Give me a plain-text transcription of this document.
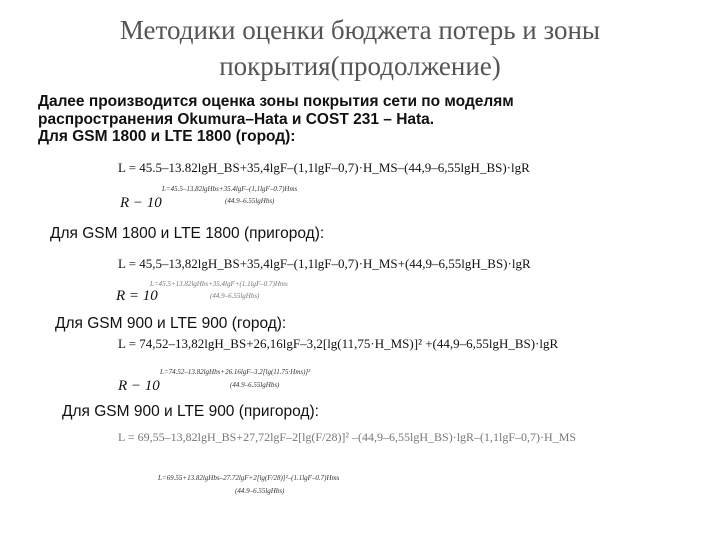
Методики оценки бюджета потерь и зоны
покрытия(продолжение)
Далее производится оценка зоны покрытия сети по моделям
распространения Okumura–Hata и COST 231 – Hata.
Для GSM 1800 и LTE 1800 (город):
L = 45.5–13.82lgH_BS+35,4lgF–(1,1lgF–0,7)·H_MS–(44,9–6,55lgH_BS)·lgR
L=45.5–13.82lgHbs+35.4lgF–(1,1lgF–0.7)Hms
(44.9–6.55lgHbs)
R − 10
Для GSM 1800 и LTE 1800 (пригород):
L = 45,5–13,82lgH_BS+35,4lgF–(1,1lgF–0,7)·H_MS+(44,9–6,55lgH_BS)·lgR
L=45.5+13.82lgHbs+35.4lgF+(1.1lgF–0.7)Hms
(44.9–6.55lgHbs)
R = 10
Для GSM 900 и LTE 900 (город):
L = 74,52–13,82lgH_BS+26,16lgF–3,2[lg(11,75·H_MS)]² +(44,9–6,55lgH_BS)·lgR
L=74.52–13.82lgHbs+26.16lgF–3.2[lg(11.75·Hms)]²
(44.9–6.55lgHbs)
R − 10
Для GSM 900 и LTE 900 (пригород):
L = 69,55–13,82lgH_BS+27,72lgF–2[lg(F/28)]² –(44,9–6,55lgH_BS)·lgR–(1,1lgF–0,7)·H_MS
L=69.55+13.82lgHbs–27.72lgF+2[lg(F/28)]²–(1.1lgF–0.7)Hms
(44.9–6.55lgHbs)
